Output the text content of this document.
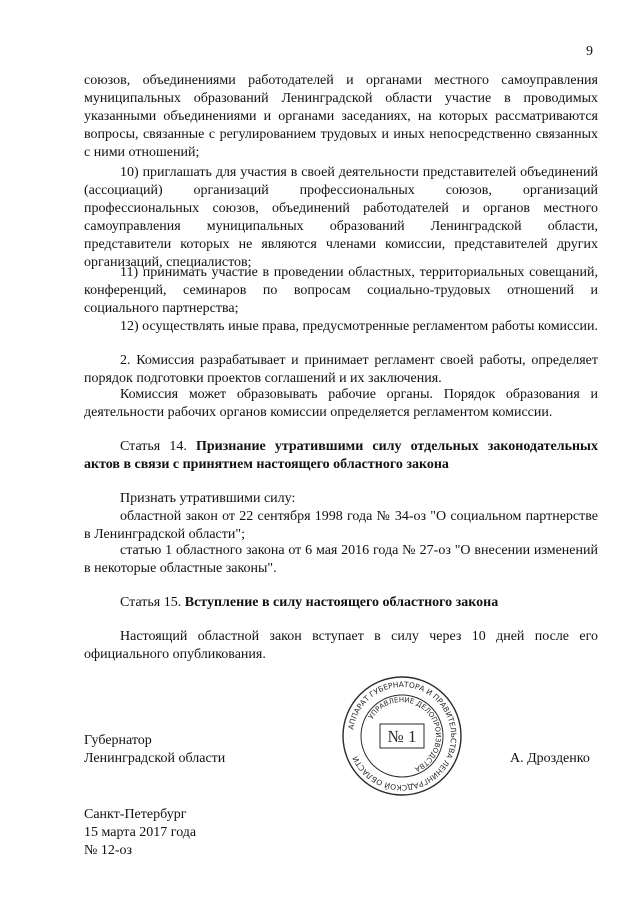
9

союзов, объединениями работодателей и органами местного самоуправления муниципальных образований Ленинградской области участие в проводимых указанными объединениями и органами заседаниях, на которых рассматриваются вопросы, связанные с регулированием трудовых и иных непосредственно связанных с ними отношений;

10) приглашать для участия в своей деятельности представителей объединений (ассоциаций) организаций профессиональных союзов, организаций профессиональных союзов, объединений работодателей и органов местного самоуправления муниципальных образований Ленинградской области, представители которых не являются членами комиссии, представителей других организаций, специалистов;

11) принимать участие в проведении областных, территориальных совещаний, конференций, семинаров по вопросам социально-трудовых отношений и социального партнерства;

12) осуществлять иные права, предусмотренные регламентом работы комиссии.

2. Комиссия разрабатывает и принимает регламент своей работы, определяет порядок подготовки проектов соглашений и их заключения.

Комиссия может образовывать рабочие органы. Порядок образования и деятельности рабочих органов комиссии определяется регламентом комиссии.

Статья 14. Признание утратившими силу отдельных законодательных актов в связи с принятием настоящего областного закона

Признать утратившими силу:

областной закон от 22 сентября 1998 года № 34-оз "О социальном партнерстве в Ленинградской области";

статью 1 областного закона от 6 мая 2016 года № 27-оз "О внесении изменений в некоторые областные законы".

Статья 15. Вступление в силу настоящего областного закона

Настоящий областной закон вступает в силу через 10 дней после его официального опубликования.

Губернатор
Ленинградской области	А. Дрозденко
АППАРАТ ГУБЕРНАТОРА И ПРАВИТЕЛЬСТВА ЛЕНИНГРАДСКОЙ ОБЛАСТИ
УПРАВЛЕНИЕ ДЕЛОПРОИЗВОДСТВА
№ 1
Санкт-Петербург
15 марта 2017 года
№ 12-оз
